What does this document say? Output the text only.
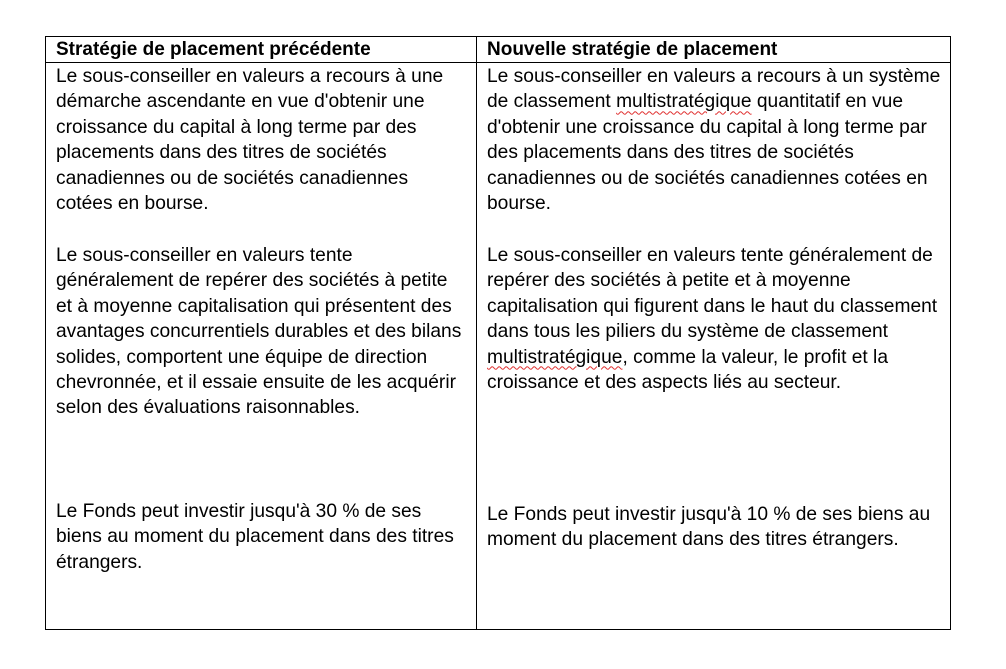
Stratégie de placement précédente	Nouvelle stratégie de placement

Le sous-conseiller en valeurs a recours à une démarche ascendante en vue d'obtenir une croissance du capital à long terme par des placements dans des titres de sociétés canadiennes ou de sociétés canadiennes cotées en bourse.

Le sous-conseiller en valeurs tente généralement de repérer des sociétés à petite et à moyenne capitalisation qui présentent des avantages concurrentiels durables et des bilans solides, comportent une équipe de direction chevronnée, et il essaie ensuite de les acquérir selon des évaluations raisonnables.

Le Fonds peut investir jusqu'à 30 % de ses biens au moment du placement dans des titres étrangers.

Le sous-conseiller en valeurs a recours à un système de classement multistratégique quantitatif en vue d'obtenir une croissance du capital à long terme par des placements dans des titres de sociétés canadiennes ou de sociétés canadiennes cotées en bourse.

Le sous-conseiller en valeurs tente généralement de repérer des sociétés à petite et à moyenne capitalisation qui figurent dans le haut du classement dans tous les piliers du système de classement multistratégique, comme la valeur, le profit et la croissance et des aspects liés au secteur.

Le Fonds peut investir jusqu'à 10 % de ses biens au moment du placement dans des titres étrangers.
